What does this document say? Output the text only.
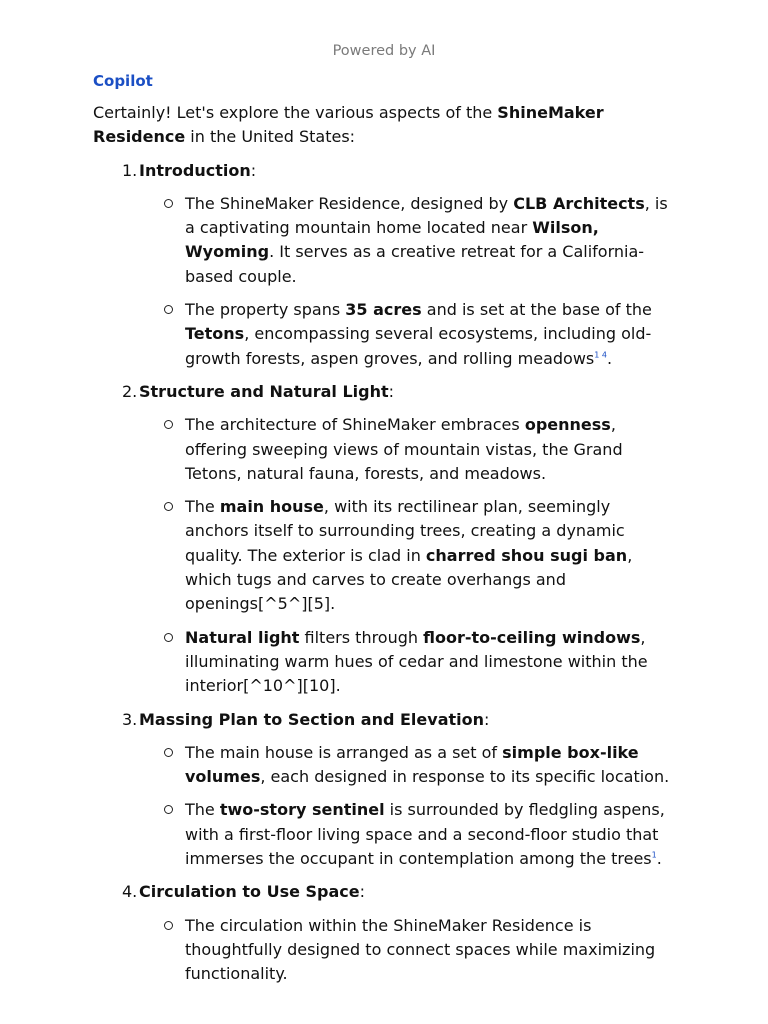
Powered by AI
Copilot

Certainly! Let's explore the various aspects of the ShineMaker Residence in the United States:

1. Introduction:
The ShineMaker Residence, designed by CLB Architects, is a captivating mountain home located near Wilson, Wyoming. It serves as a creative retreat for a California-based couple.
The property spans 35 acres and is set at the base of the Tetons, encompassing several ecosystems, including old-growth forests, aspen groves, and rolling meadows$^{1 4}$.
2. Structure and Natural Light:
The architecture of ShineMaker embraces openness, offering sweeping views of mountain vistas, the Grand Tetons, natural fauna, forests, and meadows.
The main house, with its rectilinear plan, seemingly anchors itself to surrounding trees, creating a dynamic quality. The exterior is clad in charred shou sugi ban, which tugs and carves to create overhangs and openings[^5^][5].
Natural light filters through floor-to-ceiling windows, illuminating warm hues of cedar and limestone within the interior[^10^][10].
3. Massing Plan to Section and Elevation:
The main house is arranged as a set of simple box-like volumes, each designed in response to its specific location.
The two-story sentinel is surrounded by fledgling aspens, with a first-floor living space and a second-floor studio that immerses the occupant in contemplation among the trees$^1$.
4. Circulation to Use Space:
The circulation within the ShineMaker Residence is thoughtfully designed to connect spaces while maximizing functionality.
